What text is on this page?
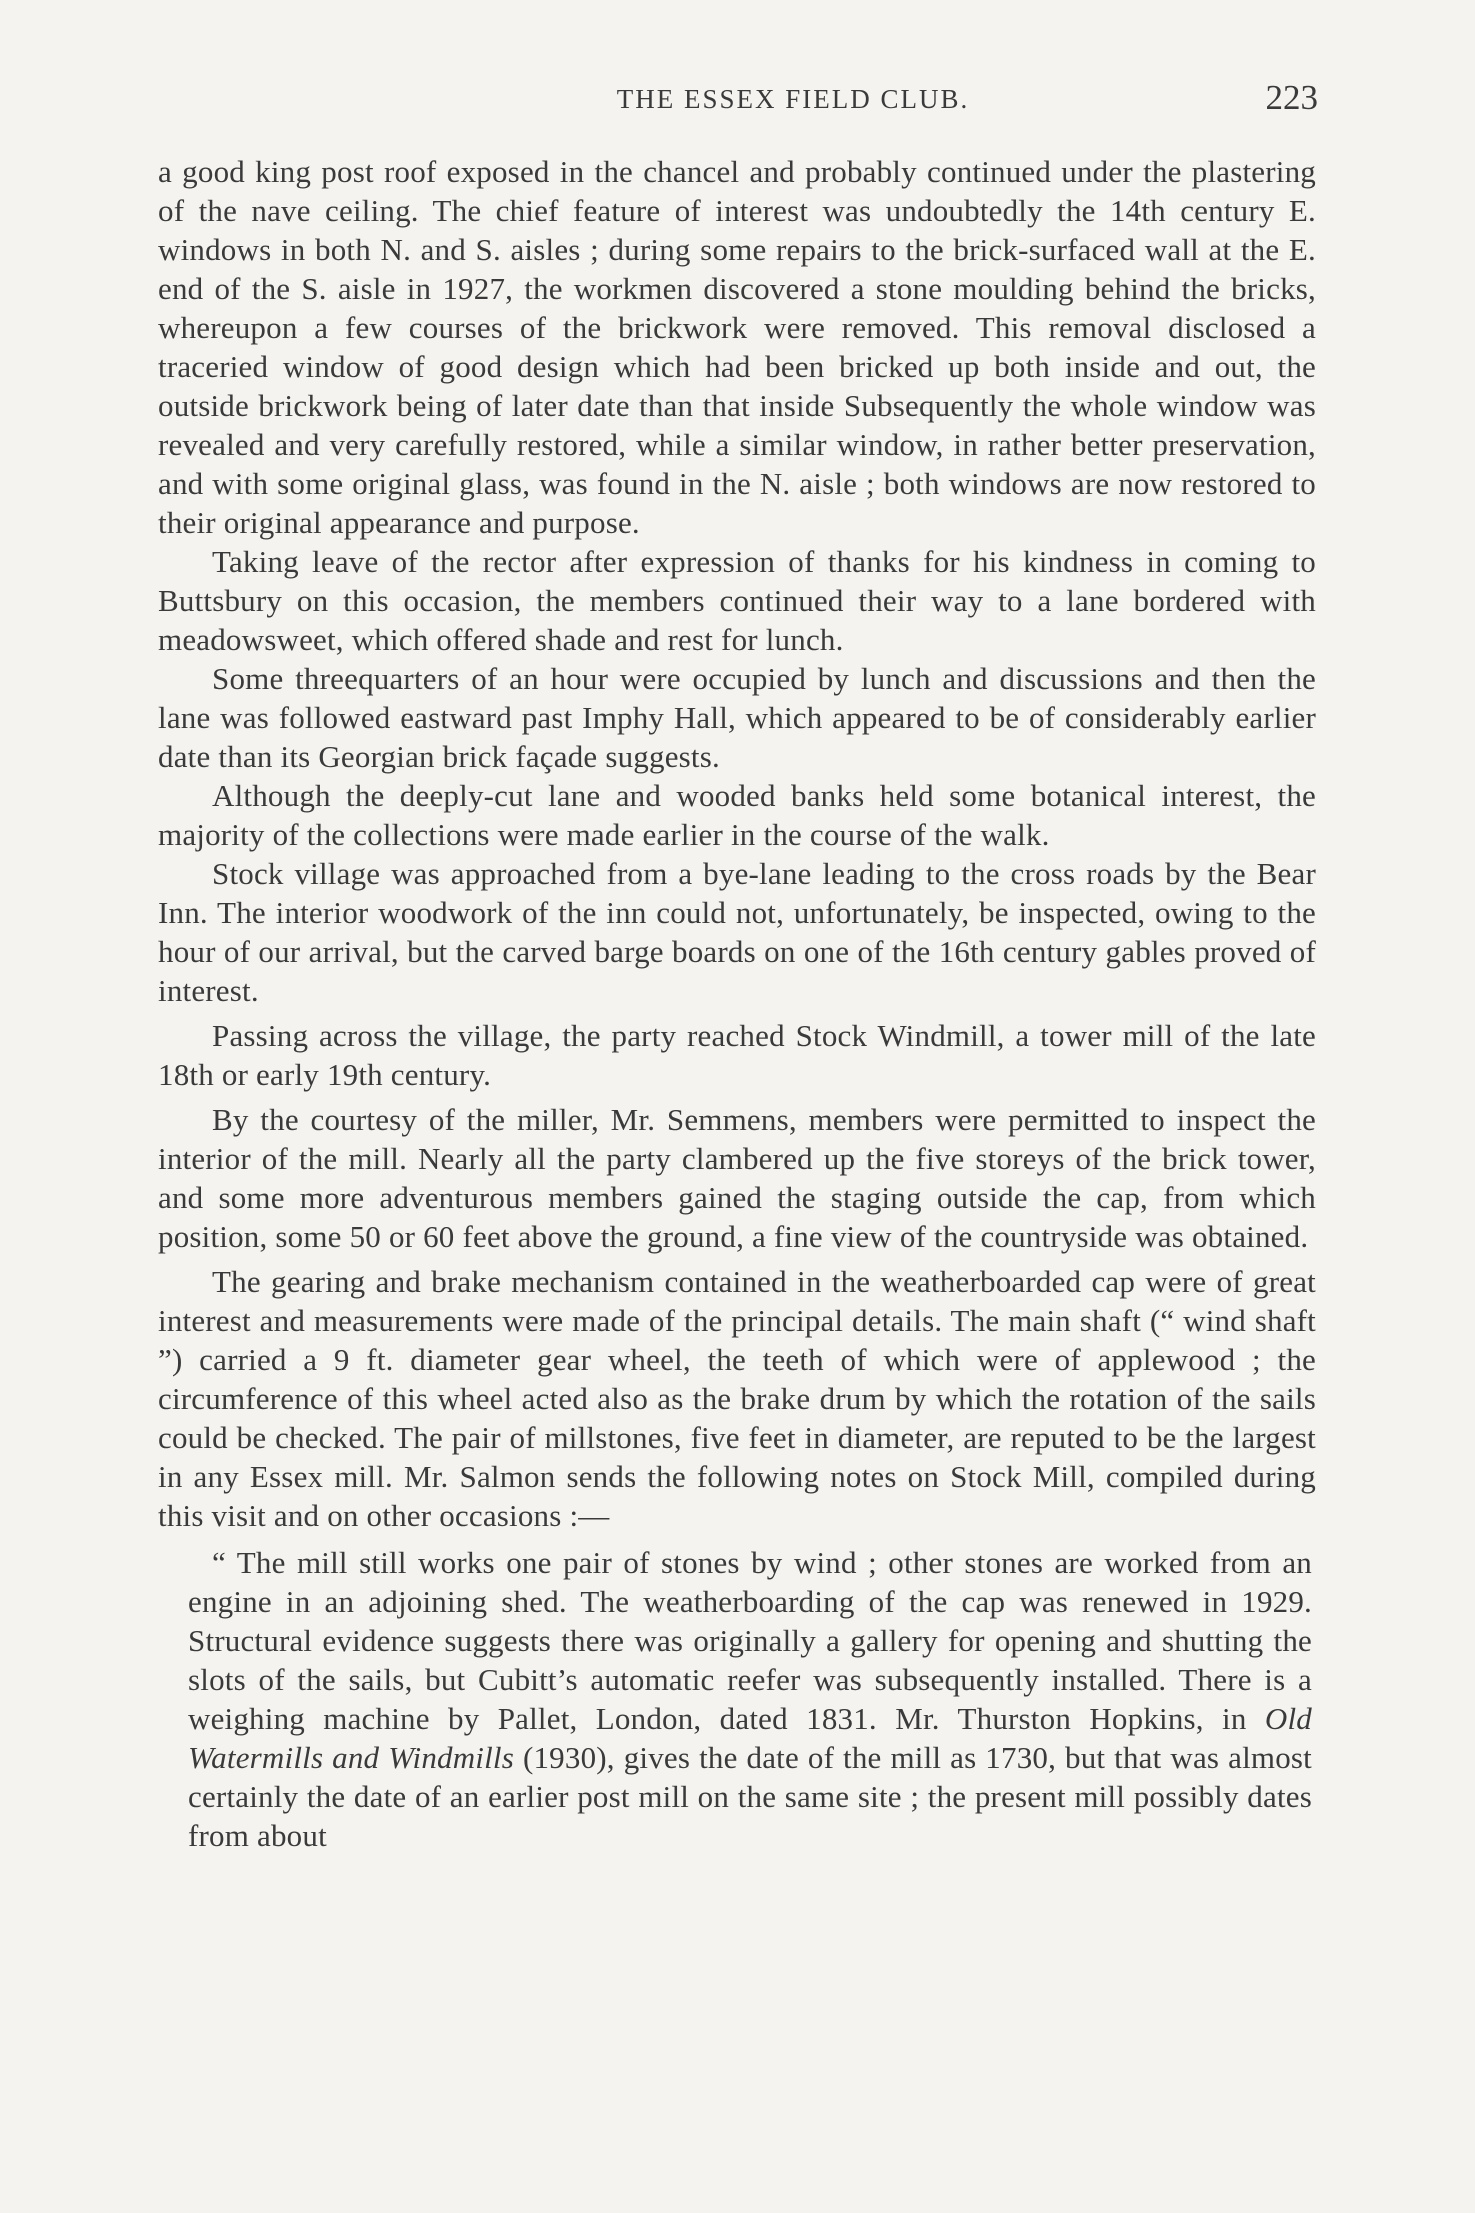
THE ESSEX FIELD CLUB.	223

a good king post roof exposed in the chancel and probably continued under the plastering of the nave ceiling. The chief feature of interest was undoubtedly the 14th century E. windows in both N. and S. aisles ; during some repairs to the brick-surfaced wall at the E. end of the S. aisle in 1927, the workmen discovered a stone moulding behind the bricks, whereupon a few courses of the brickwork were removed. This removal disclosed a traceried window of good design which had been bricked up both inside and out, the outside brickwork being of later date than that inside Subsequently the whole window was revealed and very carefully restored, while a similar window, in rather better preservation, and with some original glass, was found in the N. aisle ; both windows are now restored to their original appearance and purpose.

Taking leave of the rector after expression of thanks for his kindness in coming to Buttsbury on this occasion, the members continued their way to a lane bordered with meadowsweet, which offered shade and rest for lunch.

Some threequarters of an hour were occupied by lunch and discussions and then the lane was followed eastward past Imphy Hall, which appeared to be of considerably earlier date than its Georgian brick façade suggests.

Although the deeply-cut lane and wooded banks held some botanical interest, the majority of the collections were made earlier in the course of the walk.

Stock village was approached from a bye-lane leading to the cross roads by the Bear Inn. The interior woodwork of the inn could not, unfortunately, be inspected, owing to the hour of our arrival, but the carved barge boards on one of the 16th century gables proved of interest.

Passing across the village, the party reached Stock Windmill, a tower mill of the late 18th or early 19th century.

By the courtesy of the miller, Mr. Semmens, members were permitted to inspect the interior of the mill. Nearly all the party clambered up the five storeys of the brick tower, and some more adventurous members gained the staging outside the cap, from which position, some 50 or 60 feet above the ground, a fine view of the countryside was obtained.

The gearing and brake mechanism contained in the weatherboarded cap were of great interest and measurements were made of the principal details. The main shaft (“ wind shaft ”) carried a 9 ft. diameter gear wheel, the teeth of which were of applewood ; the circumference of this wheel acted also as the brake drum by which the rotation of the sails could be checked. The pair of millstones, five feet in diameter, are reputed to be the largest in any Essex mill. Mr. Salmon sends the following notes on Stock Mill, compiled during this visit and on other occasions :—

“ The mill still works one pair of stones by wind ; other stones are worked from an engine in an adjoining shed. The weatherboarding of the cap was renewed in 1929. Structural evidence suggests there was originally a gallery for opening and shutting the slots of the sails, but Cubitt’s automatic reefer was subsequently installed. There is a weighing machine by Pallet, London, dated 1831. Mr. Thurston Hopkins, in Old Watermills and Windmills (1930), gives the date of the mill as 1730, but that was almost certainly the date of an earlier post mill on the same site ; the present mill possibly dates from about
